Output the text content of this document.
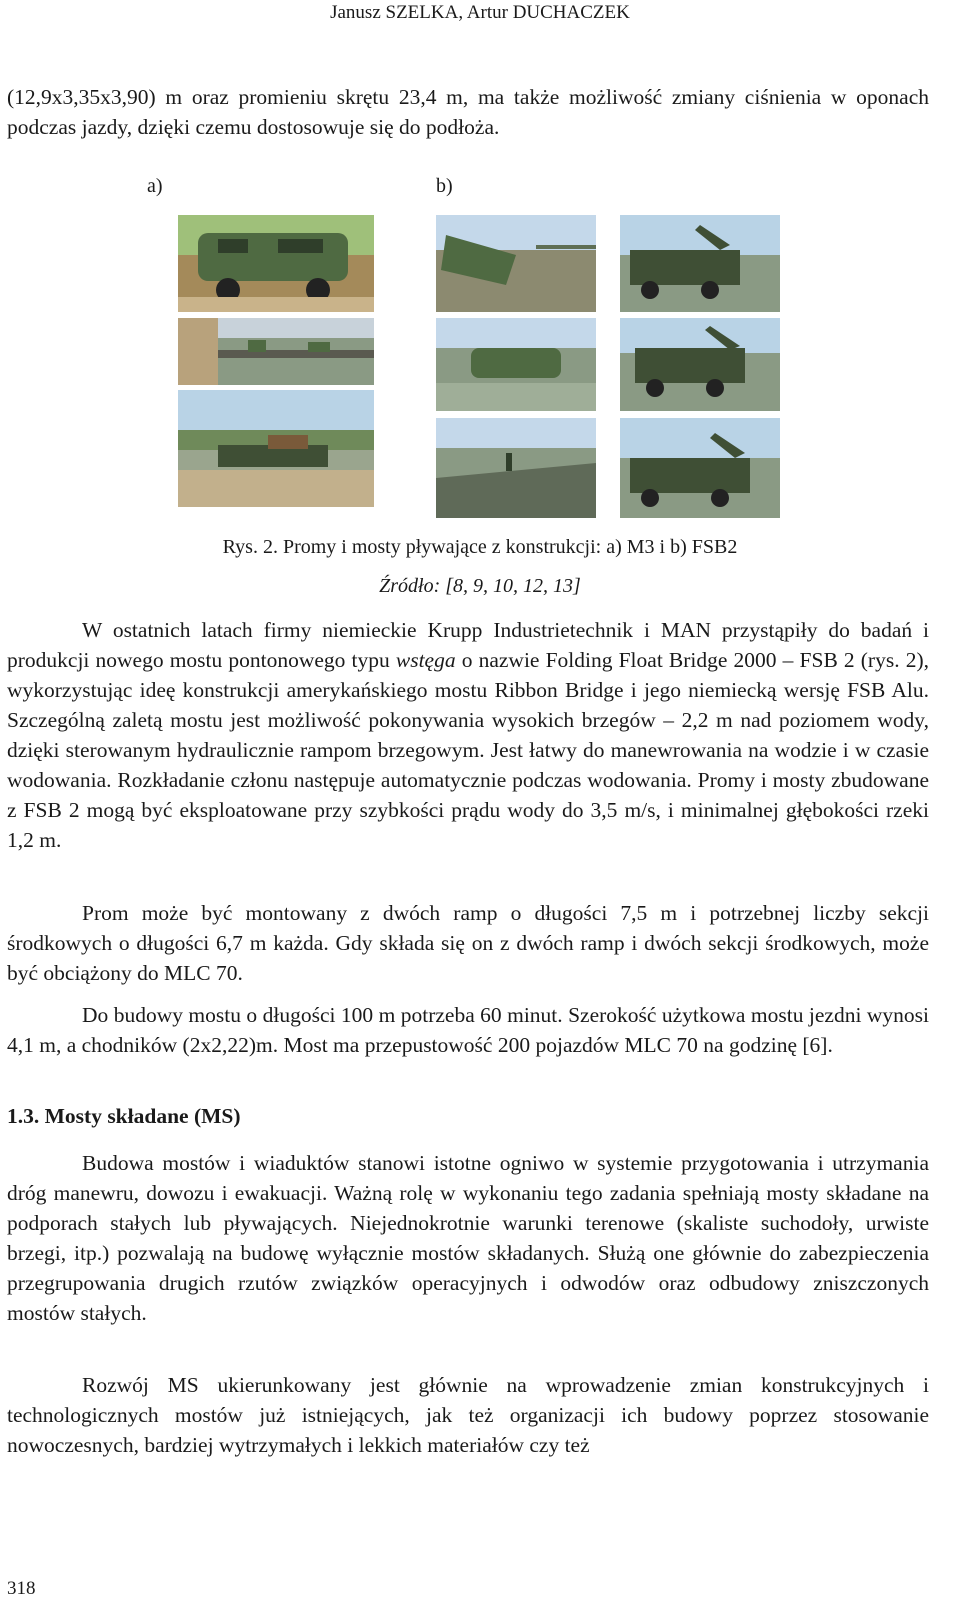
Janusz SZELKA, Artur DUCHACZEK

(12,9x3,35x3,90) m oraz promieniu skrętu 23,4 m, ma także możliwość zmiany ciśnienia w oponach podczas jazdy, dzięki czemu dostosowuje się do podłoża.

a)	b)
Rys. 2. Promy i mosty pływające z konstrukcji: a) M3 i b) FSB2
Źródło: [8, 9, 10, 12, 13]

W ostatnich latach firmy niemieckie Krupp Industrietechnik i MAN przystąpiły do badań i produkcji nowego mostu pontonowego typu wstęga o nazwie Folding Float Bridge 2000 – FSB 2 (rys. 2), wykorzystując ideę konstrukcji amerykańskiego mostu Ribbon Bridge i jego niemiecką wersję FSB Alu. Szczególną zaletą mostu jest możliwość pokonywania wysokich brzegów – 2,2 m nad poziomem wody, dzięki sterowanym hydraulicznie rampom brzegowym. Jest łatwy do manewrowania na wodzie i w czasie wodowania. Rozkładanie członu następuje automatycznie podczas wodowania. Promy i mosty zbudowane z FSB 2 mogą być eksploatowane przy szybkości prądu wody do 3,5 m/s, i minimalnej głębokości rzeki 1,2 m.

Prom może być montowany z dwóch ramp o długości 7,5 m i potrzebnej liczby sekcji środkowych o długości 6,7 m każda. Gdy składa się on z dwóch ramp i dwóch sekcji środkowych, może być obciążony do MLC 70.

Do budowy mostu o długości 100 m potrzeba 60 minut. Szerokość użytkowa mostu jezdni wynosi 4,1 m, a chodników (2x2,22)m. Most ma przepustowość 200 pojazdów MLC 70 na godzinę [6].

1.3. Mosty składane (MS)

Budowa mostów i wiaduktów stanowi istotne ogniwo w systemie przygotowania i utrzymania dróg manewru, dowozu i ewakuacji. Ważną rolę w wykonaniu tego zadania spełniają mosty składane na podporach stałych lub pływających. Niejednokrotnie warunki terenowe (skaliste suchodoły, urwiste brzegi, itp.) pozwalają na budowę wyłącznie mostów składanych. Służą one głównie do zabezpieczenia przegrupowania drugich rzutów związków operacyjnych i odwodów oraz odbudowy zniszczonych mostów stałych.

Rozwój MS ukierunkowany jest głównie na wprowadzenie zmian konstrukcyjnych i technologicznych mostów już istniejących, jak też organizacji ich budowy poprzez stosowanie nowoczesnych, bardziej wytrzymałych i lekkich materiałów czy też

318
